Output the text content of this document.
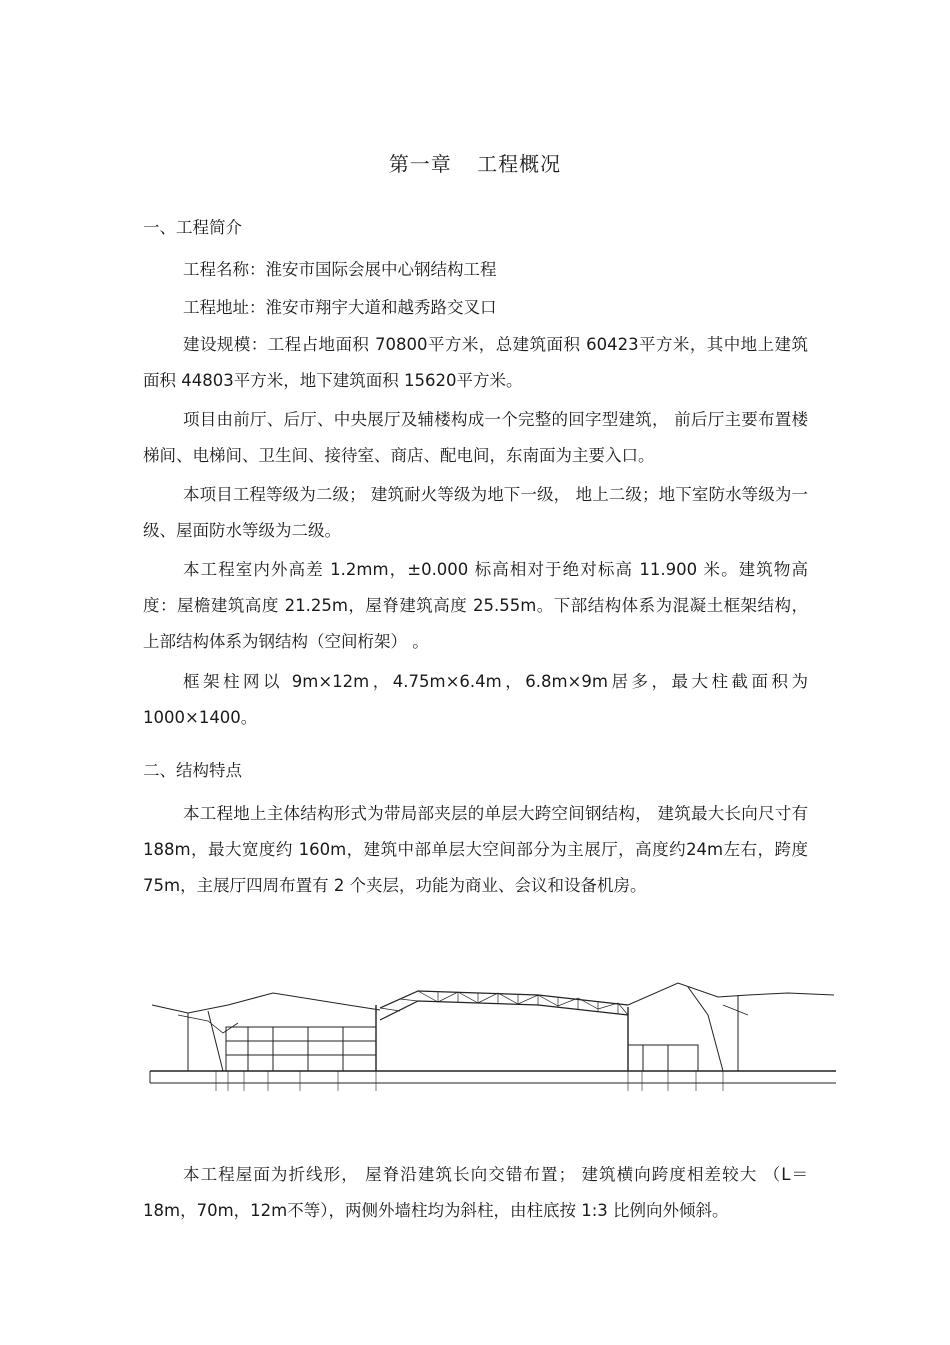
第一章 工程概况
一、工程简介

工程名称：淮安市国际会展中心钢结构工程

工程地址：淮安市翔宇大道和越秀路交叉口

建设规模：工程占地面积 70800平方米，总建筑面积 60423平方米，其中地上建筑面积 44803平方米，地下建筑面积 15620平方米。

项目由前厅、后厅、中央展厅及辅楼构成一个完整的回字型建筑， 前后厅主要布置楼梯间、电梯间、卫生间、接待室、商店、配电间，东南面为主要入口。

本项目工程等级为二级； 建筑耐火等级为地下一级， 地上二级；地下室防水等级为一级、屋面防水等级为二级。

本工程室内外高差 1.2mm，±0.000 标高相对于绝对标高 11.900 米。建筑物高度：屋檐建筑高度 21.25m，屋脊建筑高度 25.55m。下部结构体系为混凝土框架结构，上部结构体系为钢结构（空间桁架） 。

框架柱网以 9m×12m，4.75m×6.4m，6.8m×9m居多，最大柱截面积为 1000×1400。

二、结构特点

本工程地上主体结构形式为带局部夹层的单层大跨空间钢结构， 建筑最大长向尺寸有 188m，最大宽度约 160m，建筑中部单层大空间部分为主展厅，高度约24m左右，跨度 75m，主展厅四周布置有 2 个夹层，功能为商业、会议和设备机房。

本工程屋面为折线形， 屋脊沿建筑长向交错布置； 建筑横向跨度相差较大 （L＝18m，70m，12m不等），两侧外墙柱均为斜柱，由柱底按 1:3 比例向外倾斜。
